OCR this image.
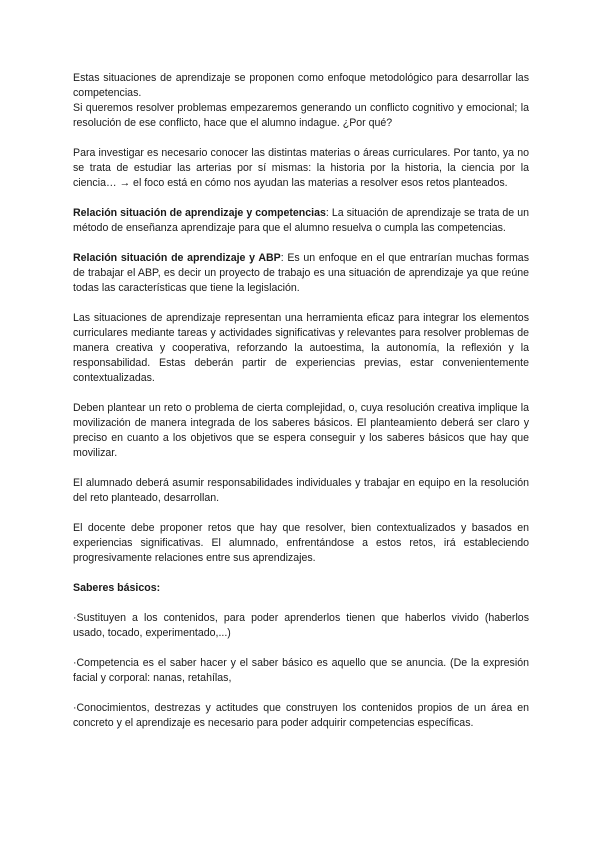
Estas situaciones de aprendizaje se proponen como enfoque metodológico para desarrollar las competencias.

Si queremos resolver problemas empezaremos generando un conflicto cognitivo y emocional; la resolución de ese conflicto, hace que el alumno indague. ¿Por qué?

Para investigar es necesario conocer las distintas materias o áreas curriculares. Por tanto, ya no se trata de estudiar las arterias por sí mismas: la historia por la historia, la ciencia por la ciencia… → el foco está en cómo nos ayudan las materias a resolver esos retos planteados.

Relación situación de aprendizaje y competencias: La situación de aprendizaje se trata de un método de enseñanza aprendizaje para que el alumno resuelva o cumpla las competencias.

Relación situación de aprendizaje y ABP: Es un enfoque en el que entrarían muchas formas de trabajar el ABP, es decir un proyecto de trabajo es una situación de aprendizaje ya que reúne todas las características que tiene la legislación.

Las situaciones de aprendizaje representan una herramienta eficaz para integrar los elementos curriculares mediante tareas y actividades significativas y relevantes para resolver problemas de manera creativa y cooperativa, reforzando la autoestima, la autonomía, la reflexión y la responsabilidad. Estas deberán partir de experiencias previas, estar convenientemente contextualizadas.

Deben plantear un reto o problema de cierta complejidad, o, cuya resolución creativa implique la movilización de manera integrada de los saberes básicos. El planteamiento deberá ser claro y preciso en cuanto a los objetivos que se espera conseguir y los saberes básicos que hay que movilizar.

El alumnado deberá asumir responsabilidades individuales y trabajar en equipo en la resolución del reto planteado, desarrollan.

El docente debe proponer retos que hay que resolver, bien contextualizados y basados en experiencias significativas. El alumnado, enfrentándose a estos retos, irá estableciendo progresivamente relaciones entre sus aprendizajes.

Saberes básicos:

·Sustituyen a los contenidos, para poder aprenderlos tienen que haberlos vivido (haberlos usado, tocado, experimentado,...)

·Competencia es el saber hacer y el saber básico es aquello que se anuncia. (De la expresión facial y corporal: nanas, retahílas,

·Conocimientos, destrezas y actitudes que construyen los contenidos propios de un área en concreto y el aprendizaje es necesario para poder adquirir competencias específicas.
